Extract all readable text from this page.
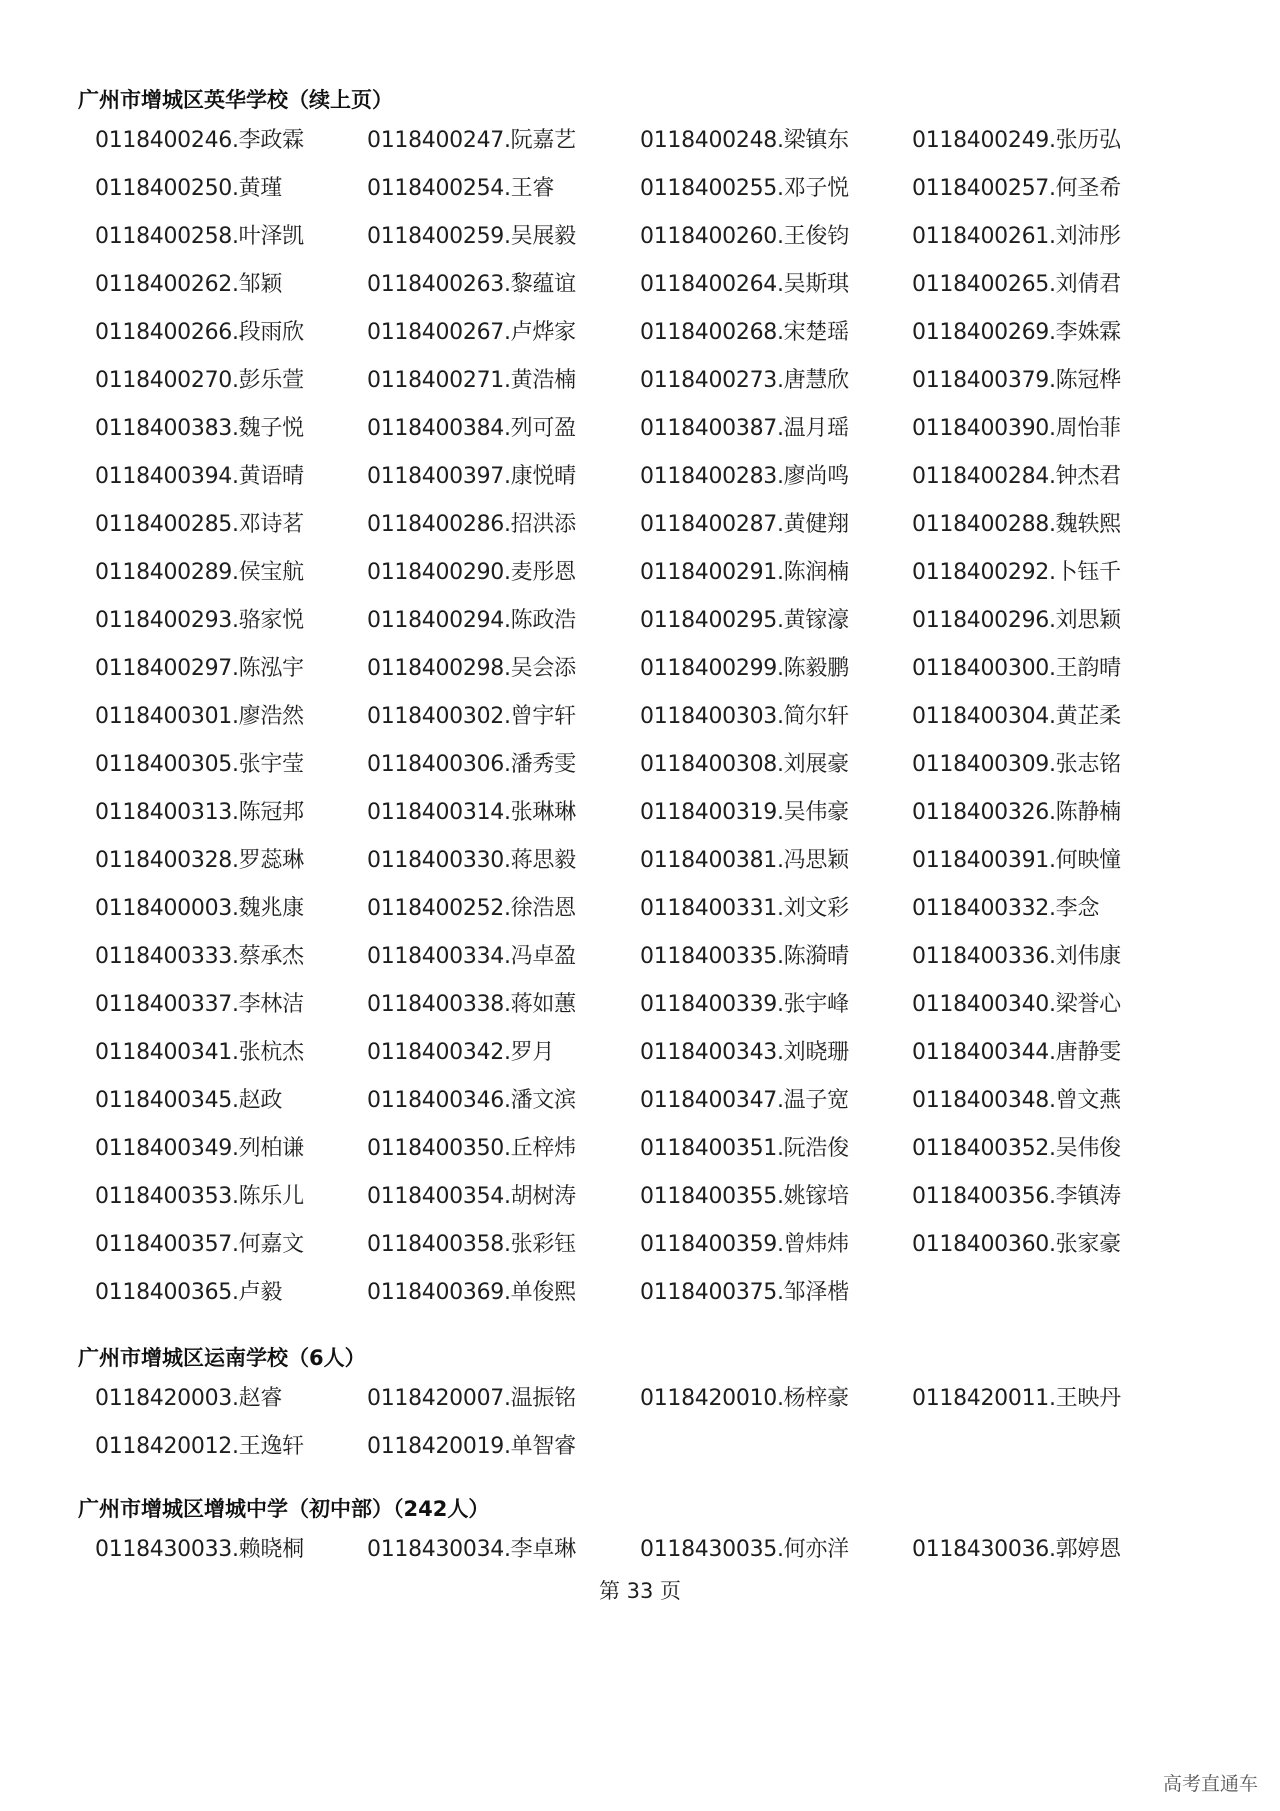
广州市增城区英华学校（续上页）
0118400246.李政霖	0118400247.阮嘉艺	0118400248.梁镇东	0118400249.张历弘
0118400250.黄瑾	0118400254.王睿	0118400255.邓子悦	0118400257.何圣希
0118400258.叶泽凯	0118400259.吴展毅	0118400260.王俊钧	0118400261.刘沛彤
0118400262.邹颖	0118400263.黎蕴谊	0118400264.吴斯琪	0118400265.刘倩君
0118400266.段雨欣	0118400267.卢烨家	0118400268.宋楚瑶	0118400269.李姝霖
0118400270.彭乐萱	0118400271.黄浩楠	0118400273.唐慧欣	0118400379.陈冠桦
0118400383.魏子悦	0118400384.列可盈	0118400387.温月瑶	0118400390.周怡菲
0118400394.黄语晴	0118400397.康悦晴	0118400283.廖尚鸣	0118400284.钟杰君
0118400285.邓诗茗	0118400286.招洪添	0118400287.黄健翔	0118400288.魏轶熙
0118400289.侯宝航	0118400290.麦彤恩	0118400291.陈润楠	0118400292.卜钰千
0118400293.骆家悦	0118400294.陈政浩	0118400295.黄镓濠	0118400296.刘思颖
0118400297.陈泓宇	0118400298.吴会添	0118400299.陈毅鹏	0118400300.王韵晴
0118400301.廖浩然	0118400302.曾宇轩	0118400303.简尔轩	0118400304.黄芷柔
0118400305.张宇莹	0118400306.潘秀雯	0118400308.刘展豪	0118400309.张志铭
0118400313.陈冠邦	0118400314.张琳琳	0118400319.吴伟豪	0118400326.陈静楠
0118400328.罗蕊琳	0118400330.蒋思毅	0118400381.冯思颖	0118400391.何映憧
0118400003.魏兆康	0118400252.徐浩恩	0118400331.刘文彩	0118400332.李念
0118400333.蔡承杰	0118400334.冯卓盈	0118400335.陈漪晴	0118400336.刘伟康
0118400337.李林洁	0118400338.蒋如蕙	0118400339.张宇峰	0118400340.梁誉心
0118400341.张杭杰	0118400342.罗月	0118400343.刘晓珊	0118400344.唐静雯
0118400345.赵政	0118400346.潘文滨	0118400347.温子宽	0118400348.曾文燕
0118400349.列柏谦	0118400350.丘梓炜	0118400351.阮浩俊	0118400352.吴伟俊
0118400353.陈乐儿	0118400354.胡树涛	0118400355.姚镓培	0118400356.李镇涛
0118400357.何嘉文	0118400358.张彩钰	0118400359.曾炜炜	0118400360.张家豪
0118400365.卢毅	0118400369.单俊熙	0118400375.邹泽楷
广州市增城区运南学校（6人）
0118420003.赵睿	0118420007.温振铭	0118420010.杨梓豪	0118420011.王映丹
0118420012.王逸轩	0118420019.单智睿
广州市增城区增城中学（初中部）（242人）
0118430033.赖晓桐	0118430034.李卓琳	0118430035.何亦洋	0118430036.郭婷恩
第 33 页
高考直通车
